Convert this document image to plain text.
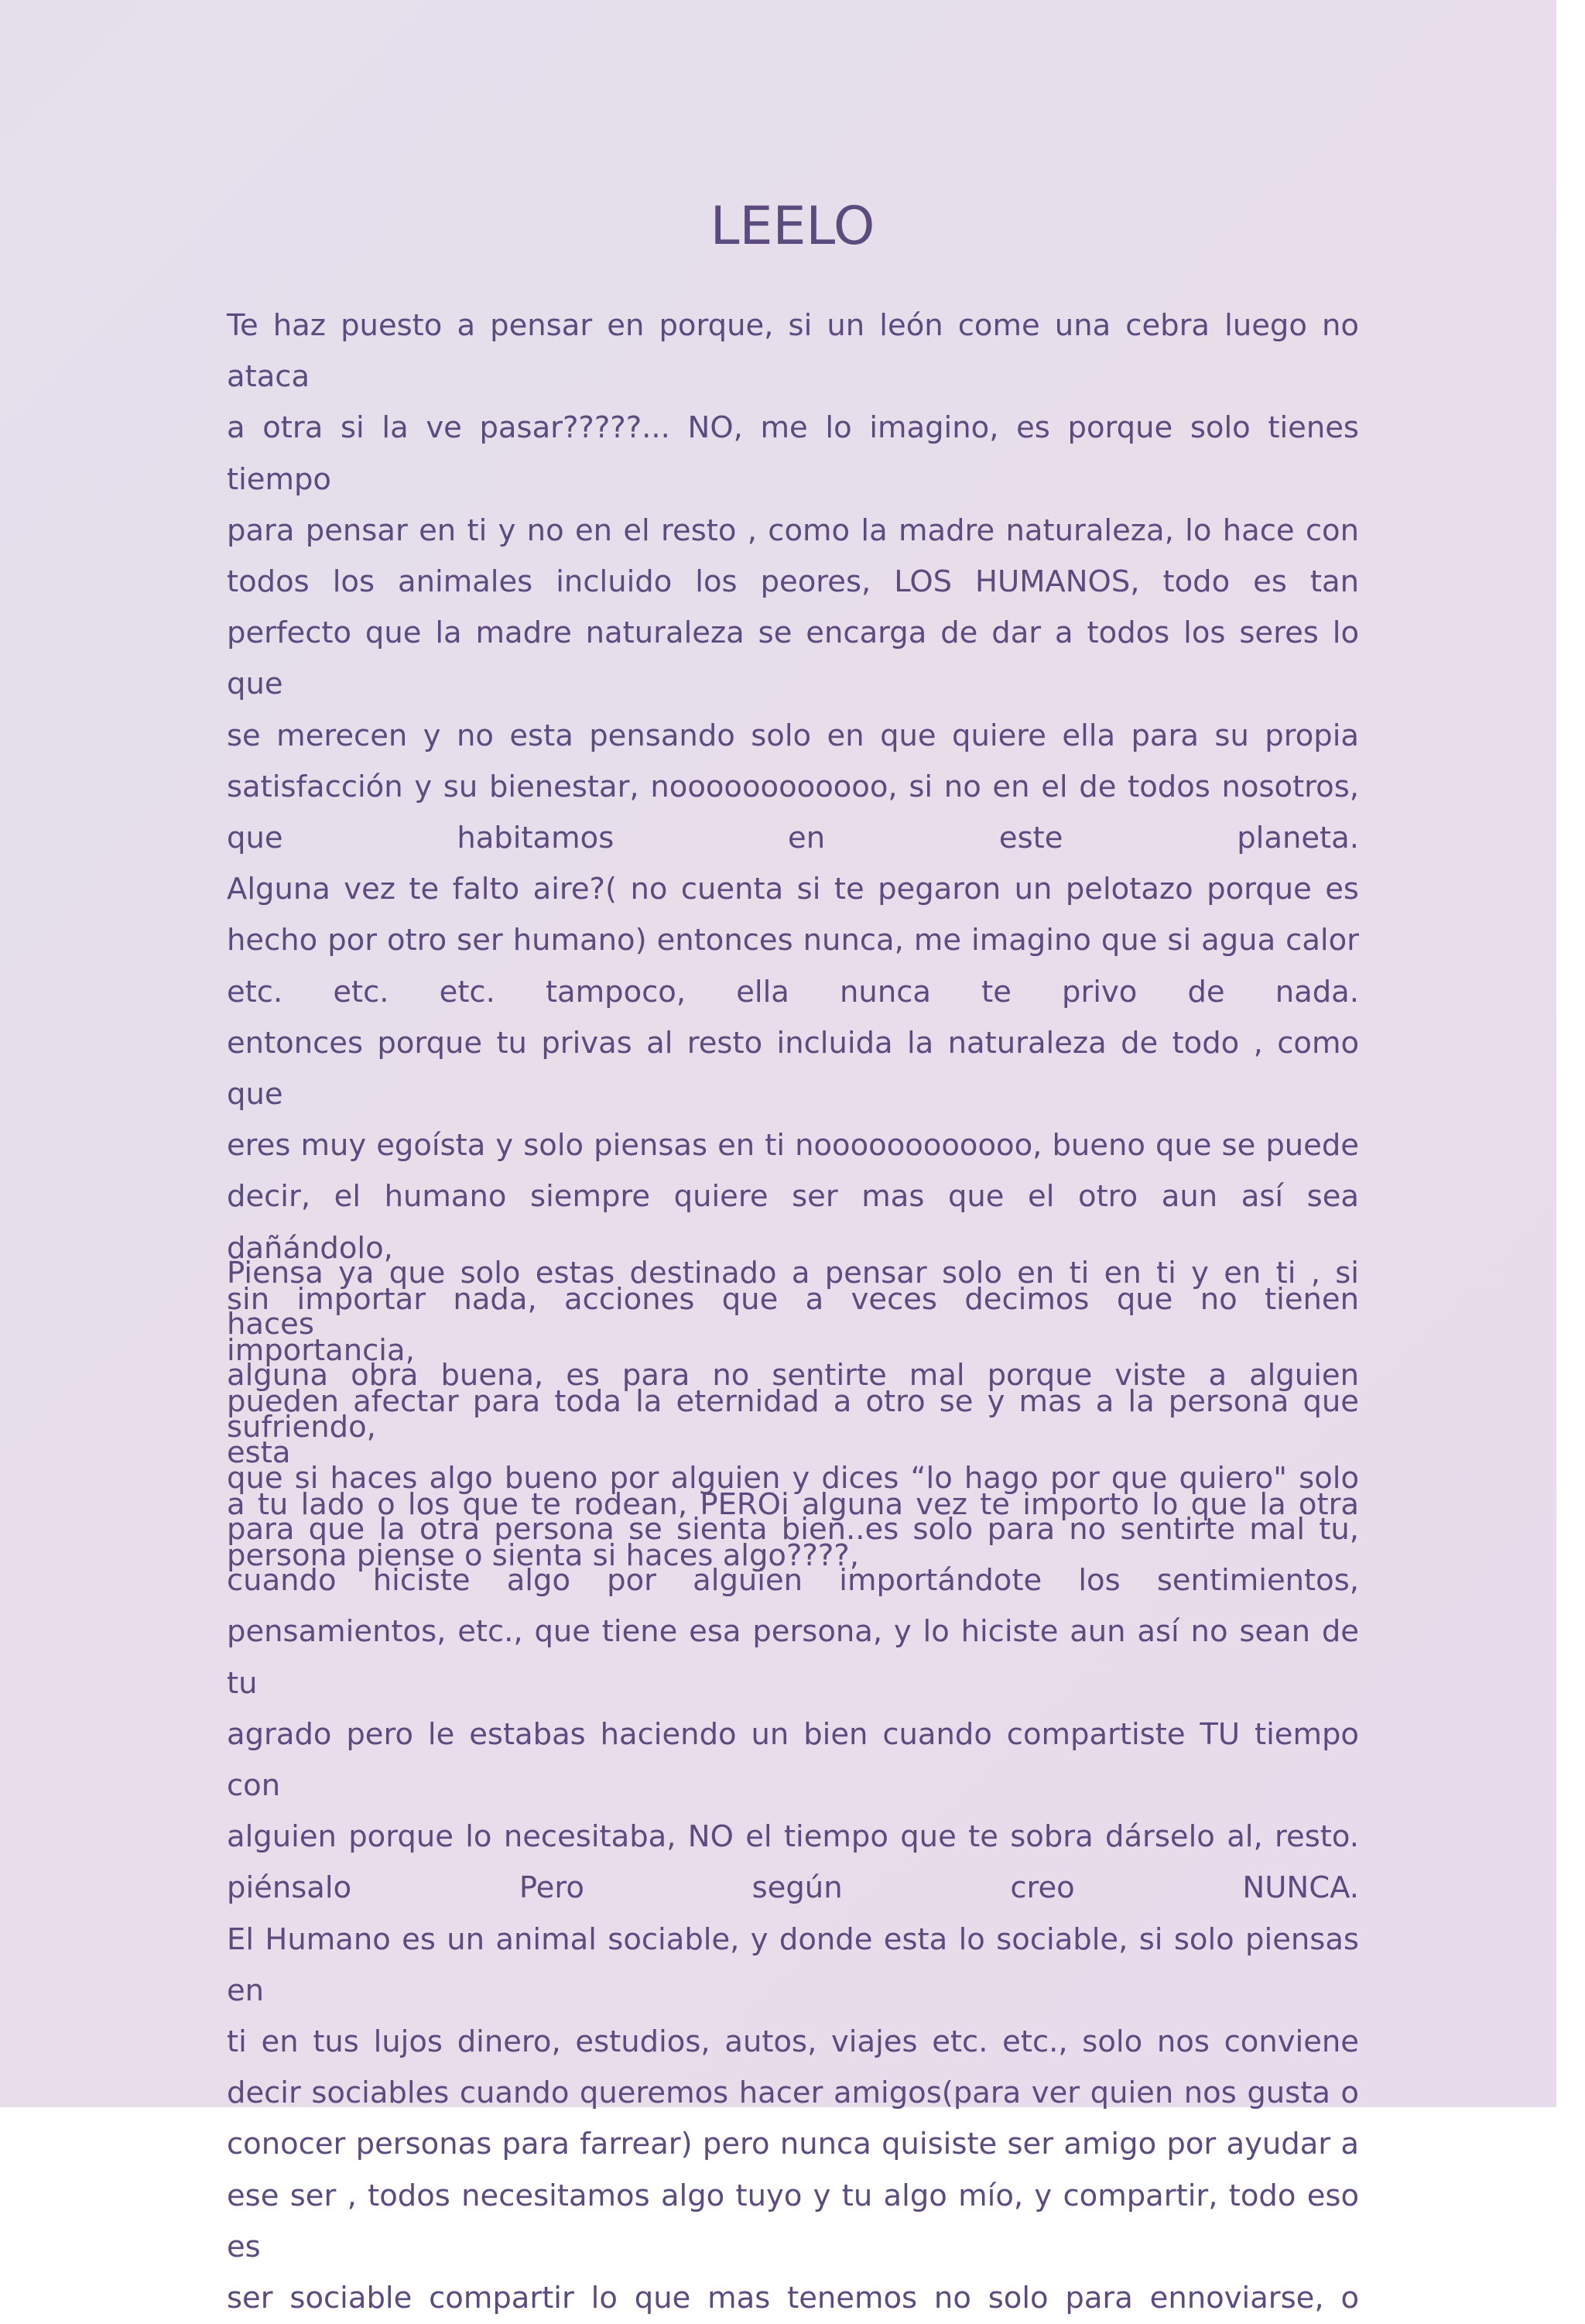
LEELO
Te haz puesto a pensar en porque, si un león come una cebra luego no ataca
a otra si la ve pasar?????... NO, me lo imagino, es porque solo tienes tiempo
para pensar en ti y no en el resto , como la madre naturaleza, lo hace con
todos los animales incluido los peores, LOS HUMANOS, todo es tan
perfecto que la madre naturaleza se encarga de dar a todos los seres lo que
se merecen y no esta pensando solo en que quiere ella para su propia
satisfacción y su bienestar, noooooooooooo, si no en el de todos nosotros,
que habitamos en este planeta.
Alguna vez te falto aire?( no cuenta si te pegaron un pelotazo porque es
hecho por otro ser humano) entonces nunca, me imagino que si agua calor
etc. etc. etc. tampoco, ella nunca te privo de nada.
entonces porque tu privas al resto incluida la naturaleza de todo , como que
eres muy egoísta y solo piensas en ti noooooooooooo, bueno que se puede
decir, el humano siempre quiere ser mas que el otro aun así sea dañándolo,
sin importar nada, acciones que a veces decimos que no tienen importancia,
pueden afectar para toda la eternidad a otro se y mas a la persona que esta
a tu lado o los que te rodean, PEROi alguna vez te importo lo que la otra
persona piense o sienta si haces algo????,
Piensa ya que solo estas destinado a pensar solo en ti en ti y en ti , si haces
alguna obra buena, es para no sentirte mal porque viste a alguien sufriendo,
que si haces algo bueno por alguien y dices “lo hago por que quiero" solo
para que la otra persona se sienta bien..es solo para no sentirte mal tu,
cuando hiciste algo por alguien importándote los sentimientos,
pensamientos, etc., que tiene esa persona, y lo hiciste aun así no sean de tu
agrado pero le estabas haciendo un bien cuando compartiste TU tiempo con
alguien porque lo necesitaba, NO el tiempo que te sobra dárselo al, resto.
piénsalo Pero según creo NUNCA.
El Humano es un animal sociable, y donde esta lo sociable, si solo piensas en
ti en tus lujos dinero, estudios, autos, viajes etc. etc., solo nos conviene
decir sociables cuando queremos hacer amigos(para ver quien nos gusta o
conocer personas para farrear) pero nunca quisiste ser amigo por ayudar a
ese ser , todos necesitamos algo tuyo y tu algo mío, y compartir, todo eso es
ser sociable compartir lo que mas tenemos no solo para ennoviarse, o
